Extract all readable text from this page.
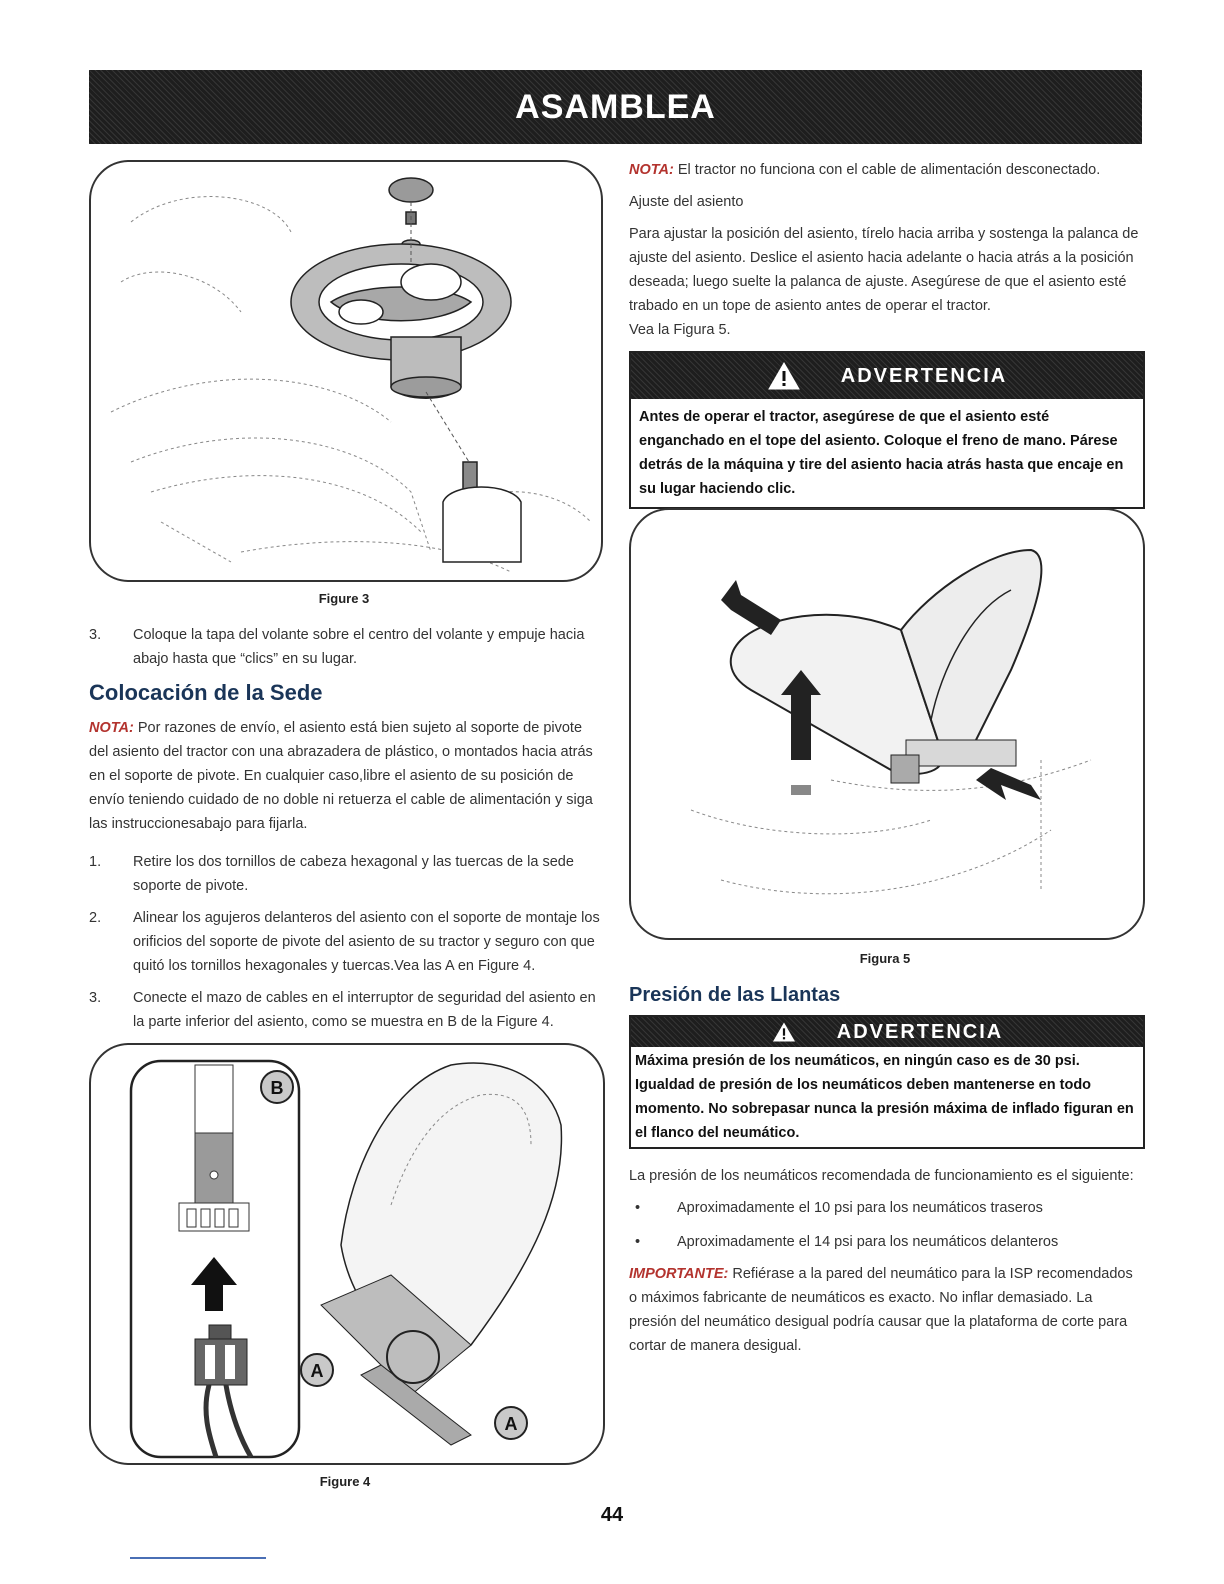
ASAMBLEA
Figure 3
3. Coloque la tapa del volante sobre el centro del volante y empuje hacia abajo hasta que “clics” en su lugar.
Colocación de la Sede

NOTA: Por razones de envío, el asiento está bien sujeto al soporte de pivote del asiento del tractor con una abrazadera de plástico, o montados hacia atrás en el soporte de pivote. En cualquier caso,libre el asiento de su posición de envío teniendo cuidado de no doble ni retuerza el cable de alimentación y siga las instruccionesabajo para fijarla.

1. Retire los dos tornillos de cabeza hexagonal y las tuercas de la sede soporte de pivote.
2. Alinear los agujeros delanteros del asiento con el soporte de montaje los orificios del soporte de pivote del asiento de su tractor y seguro con que quitó los tornillos hexagonales y tuercas.Vea las A en Figure 4.
3. Conecte el mazo de cables en el interruptor de seguridad del asiento en la parte inferior del asiento, como se muestra en B de la Figure 4.
B
A
A
Figure 4

NOTA: El tractor no funciona con el cable de alimentación desconectado.

Ajuste del asiento

Para ajustar la posición del asiento, tírelo hacia arriba y sostenga la palanca de ajuste del asiento. Deslice el asiento hacia adelante o hacia atrás a la posición deseada; luego suelte la palanca de ajuste. Asegúrese de que el asiento esté trabado en un tope de asiento antes de operar el tractor.

Vea la Figura 5.

ADVERTENCIA
Antes de operar el tractor, asegúrese de que el asiento esté enganchado en el tope del asiento. Coloque el freno de mano. Párese detrás de la máquina y tire del asiento hacia atrás hasta que encaje en su lugar haciendo clic.
Figura 5
Presión de las Llantas
ADVERTENCIA
Máxima presión de los neumáticos, en ningún caso es de 30 psi. Igualdad de presión de los neumáticos deben mantenerse en todo momento. No sobrepasar nunca la presión máxima de inflado figuran en el flanco del neumático.
La presión de los neumáticos recomendada de funcionamiento es el siguiente:
•	Aproximadamente el 10 psi para los neumáticos traseros
•	Aproximadamente el 14 psi para los neumáticos delanteros

IMPORTANTE: Refiérase a la pared del neumático para la ISP recomendados o máximos fabricante de neumáticos es exacto. No inflar demasiado. La presión del neumático desigual podría causar que la plataforma de corte para cortar de manera desigual.

44
